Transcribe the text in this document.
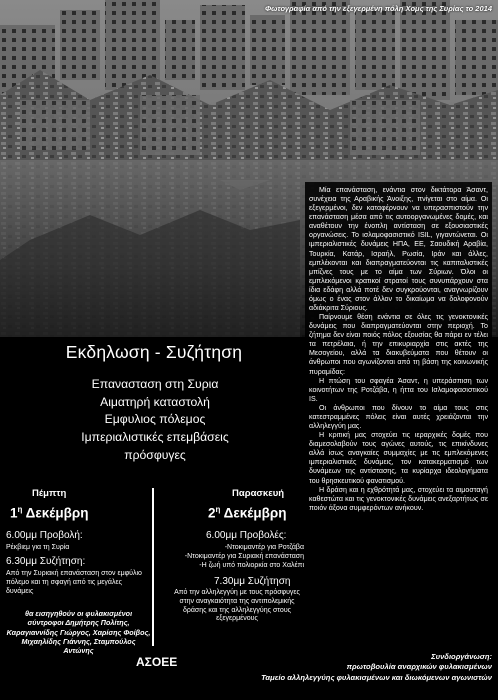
Φωτογραφία από την εξεγερμένη πόλη Χομς της Συρίας το 2014

Μία επανάσταση, ενάντια στον δικτάτορα Άσαντ, συνέχεια της Αραβικής Άνοιξης, πνίγεται στο αίμα. Οι εξεγερμένοι, δεν καταφέρνουν να υπερασπιστούν την επανάσταση μέσα από τις αυτοοργανωμένες δομές, και αναθέτουν την ένοπλη αντίσταση σε εξουσιαστικές οργανώσεις. Το ισλαμοφασιστικό ISIL, γιγαντώνεται. Οι ιμπεριαλιστικές δυνάμεις ΗΠΑ, ΕΕ, Σαουδική Αραβία, Τουρκία, Κατάρ, Ισραήλ, Ρωσία, Ιράν και άλλες, εμπλέκονται και διαπραγματεύονται τις καπιταλιστικές μπίζνες τους με το αίμα των Σύριων. Όλοι οι εμπλεκόμενοι κρατικοί στρατοί τους συνυπάρχουν στα ίδια εδάφη αλλά ποτέ δεν συγκρούονται, αναγνωρίζουν όμως ο ένας στον άλλον το δικαίωμα να δολοφονούν αδιάκριτα Σύριους.

Παίρνουμε θέση ενάντια σε όλες τις γενοκτονικές δυνάμεις που διαπραγματεύονται στην περιοχή. Το ζήτημα δεν είναι ποιός πόλος εξουσίας θα πάρει εν τέλει τα πετρέλαια, ή την επικυριαρχία στις ακτές της Μεσογείου, αλλά τα διακυβεύματα που θέτουν οι άνθρωποι που αγωνίζονται από τη βάση της κοινωνικής πυραμίδας:

Η πτώση του σφαγέα Άσαντ, η υπεράσπιση των κοινοτήτων της Ροτζάβα, η ήττα του Ισλαμοφασιστικού IS.

Οι άνθρωποι που δίνουν το αίμα τους στις κατεστραμμένες πόλεις είναι αυτές χρειάζονται την αλληλεγγύη μας.

Η κριτική μας στοχεύει τις ιεραρχικές δομές που διαμεσολαβούν τους αγώνες αυτούς, τις επικίνδυνες αλλά ίσως αναγκαίες συμμαχίες με τις εμπλεκόμενες ιμπεριαλιστικές δυνάμεις, τον κατακερματισμό των δυνάμεων της αντίστασης, τα κυρίαρχα ιδεολογήματα του θρησκευτικού φανατισμού.

Η δράση και η εχθρότητά μας, στοχεύει τα αιμοσταγή καθεστώτα και τις γενοκτονικές δυνάμεις ανεξαρτήτως σε ποιόν άξονα συμφερόντων ανήκουν.

Εκδηλωση - Συζήτηση
Επανασταση στη Συρια
Αιματηρή καταστολή
Εμφυλιος πόλεμος
Ιμπεριαλιστικές επεμβάσεις
πρόσφυγες
Πέμπτη
$1^\eta$ Δεκέμβρη
6.00μμ Προβολή:
Ρέκβιεμ για τη Συρία
6.30μμ Συζήτηση:
Από την Συριακή επανάσταση στον εμφύλιο πόλεμο και τη σφαγή από τις μεγάλες δυνάμεις
Παρασκευή
$2^\eta$ Δεκέμβρη
6.00μμ Προβολές:
-Ντοκιμαντέρ για Ροτζάβα
-Ντοκιμαντέρ για Συριακή επανάσταση
-Η ζωή υπό πολιορκία στο Χαλέπι
7.30μμ Συζήτηση
Από την αλληλεγγύη με τους πρόσφυγες στην αναγκαιότητα της αντιπολεμικής δράσης και της αλληλεγγύης στους εξεγερμένους
θα εισηγηθούν οι φυλακισμένοι σύντροφοι Δημήτρης Πολίτης, Καραγιαννίδης Γιώργος, Χαρίσης Φοίβος, Μιχαηλίδης Γιάννης, Σταμπούλος Αντώνης
ΑΣΟΕΕ	Συνδιοργάνωση:
πρωτοβουλία αναρχικών φυλακισμένων
Ταμείο αλληλεγγύης φυλακισμένων και διωκόμενων αγωνιστών
